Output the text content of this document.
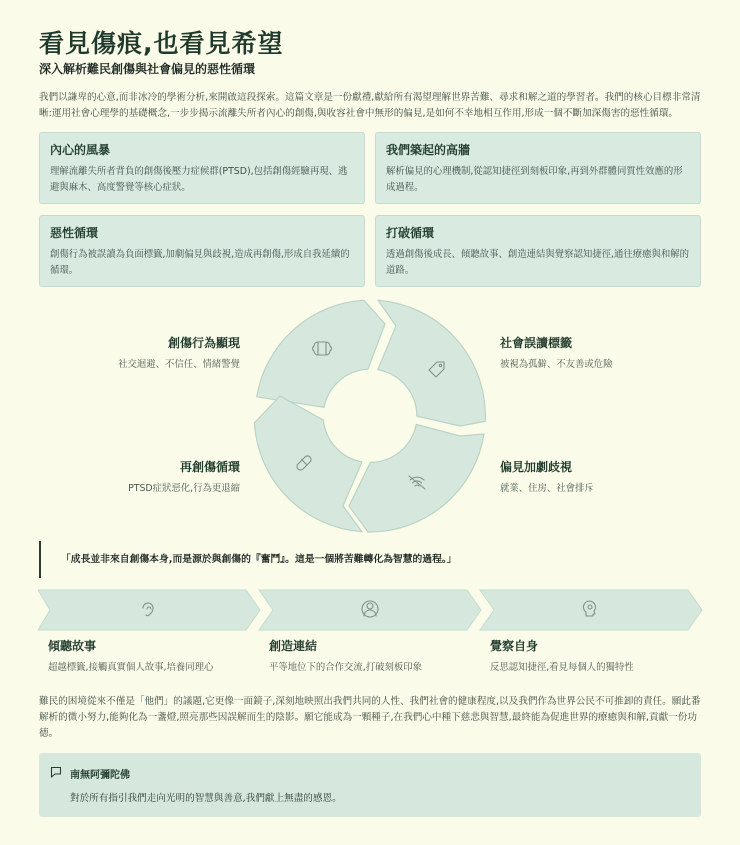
看見傷痕,也看見希望
深入解析難民創傷與社會偏見的惡性循環
我們以謙卑的心意,而非冰冷的學術分析,來開啟這段探索。這篇文章是一份獻禮,獻給所有渴望理解世界苦難、尋求和解之道的學習者。我們的核心目標非常清晰:運用社會心理學的基礎概念,一步步揭示流離失所者內心的創傷,與收容社會中無形的偏見,是如何不幸地相互作用,形成一個不斷加深傷害的惡性循環。
內心的風暴
理解流離失所者背負的創傷後壓力症候群(PTSD),包括創傷經驗再現、逃避與麻木、高度警覺等核心症狀。
我們築起的高牆
解析偏見的心理機制,從認知捷徑到刻板印象,再到外群體同質性效應的形成過程。
惡性循環
創傷行為被誤讀為負面標籤,加劇偏見與歧視,造成再創傷,形成自我延續的循環。
打破循環
透過創傷後成長、傾聽故事、創造連結與覺察認知捷徑,通往療癒與和解的道路。
創傷行為顯現
社交迴避、不信任、情緒警覺
社會誤讀標籤
被視為孤僻、不友善或危險
再創傷循環
PTSD症狀惡化,行為更退縮
偏見加劇歧視
就業、住房、社會排斥
「成長並非來自創傷本身,而是源於與創傷的『奮鬥』。這是一個將苦難轉化為智慧的過程。」
傾聽故事
超越標籤,接觸真實個人故事,培養同理心
創造連結
平等地位下的合作交流,打破刻板印象
覺察自身
反思認知捷徑,看見每個人的獨特性
難民的困境從來不僅是「他們」的議題,它更像一面鏡子,深刻地映照出我們共同的人性、我們社會的健康程度,以及我們作為世界公民不可推卸的責任。願此番解析的微小努力,能夠化為一盞燈,照亮那些因誤解而生的陰影。願它能成為一顆種子,在我們心中種下慈悲與智慧,最終能為促進世界的療癒與和解,貢獻一份功德。
南無阿彌陀佛
對於所有指引我們走向光明的智慧與善意,我們獻上無盡的感恩。
